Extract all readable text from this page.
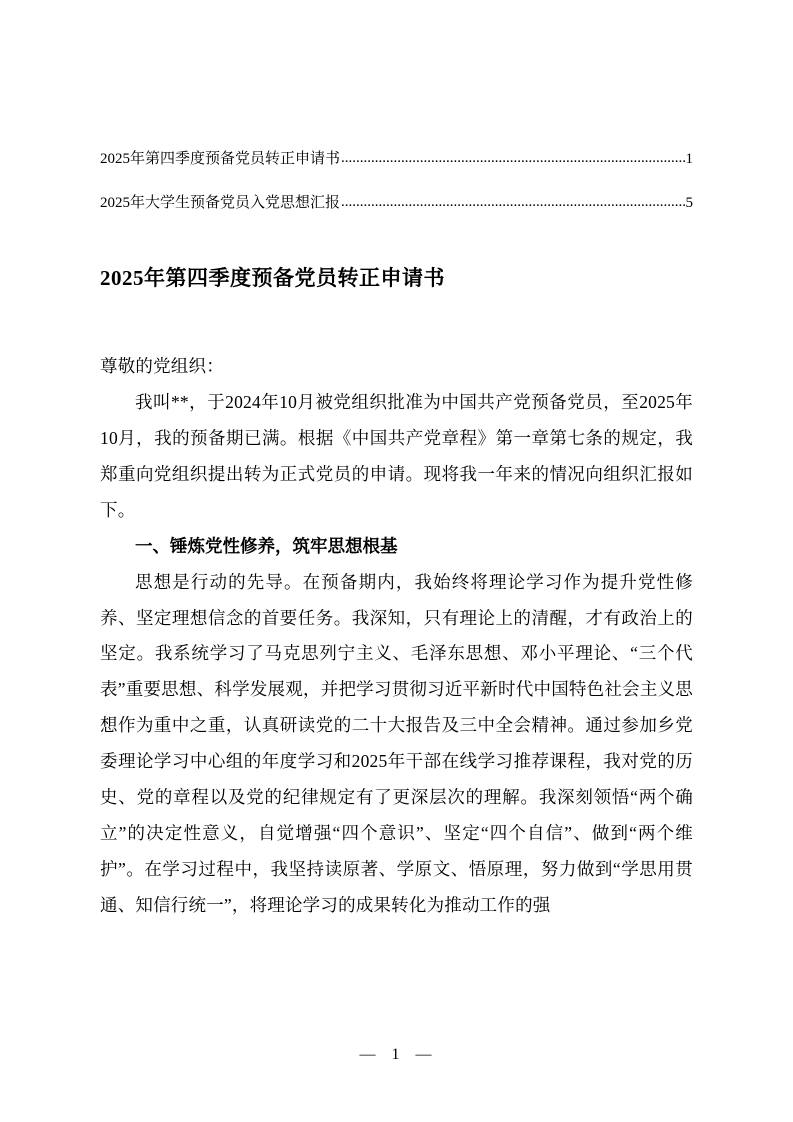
2025年第四季度预备党员转正申请书 .....	1
2025年大学生预备党员入党思想汇报 .....	5
2025年第四季度预备党员转正申请书

尊敬的党组织：

我叫**，于2024年10月被党组织批准为中国共产党预备党员，至2025年10月，我的预备期已满。根据《中国共产党章程》第一章第七条的规定，我郑重向党组织提出转为正式党员的申请。现将我一年来的情况向组织汇报如下。

一、锤炼党性修养，筑牢思想根基

思想是行动的先导。在预备期内，我始终将理论学习作为提升党性修养、坚定理想信念的首要任务。我深知，只有理论上的清醒，才有政治上的坚定。我系统学习了马克思列宁主义、毛泽东思想、邓小平理论、“三个代表”重要思想、科学发展观，并把学习贯彻习近平新时代中国特色社会主义思想作为重中之重，认真研读党的二十大报告及三中全会精神。通过参加乡党委理论学习中心组的年度学习和2025年干部在线学习推荐课程，我对党的历史、党的章程以及党的纪律规定有了更深层次的理解。我深刻领悟“两个确立”的决定性意义，自觉增强“四个意识”、坚定“四个自信”、做到“两个维护”。在学习过程中，我坚持读原著、学原文、悟原理，努力做到“学思用贯通、知信行统一”，将理论学习的成果转化为推动工作的强

— 1 —
